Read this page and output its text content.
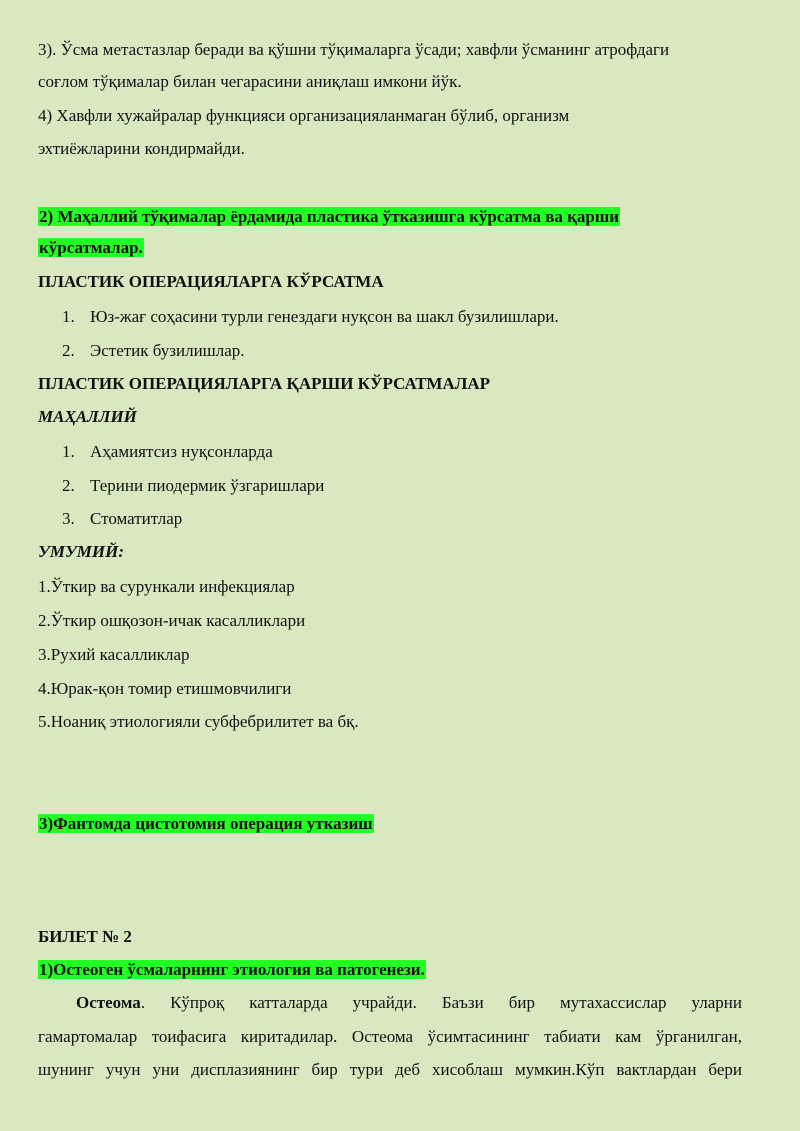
3). Ўсма метастазлар беради ва қўшни тўқималарга ўсади; хавфли ўсманинг атрофдаги
соғлом тўқималар билан чегарасини аниқлаш имкони йўк.
4) Хавфли хужайралар функцияси организацияланмаган бўлиб, организм
эхтиёжларини кондирмайди.
2) Маҳаллий тўқималар ёрдамида пластика ўтказишга кўрсатма ва қарши
кўрсатмалар.
ПЛАСТИК ОПЕРАЦИЯЛАРГА КЎРСАТМА
1. Юз-жағ соҳасини турли генездаги нуқсон ва шакл бузилишлари.
2. Эстетик бузилишлар.
ПЛАСТИК ОПЕРАЦИЯЛАРГА ҚАРШИ КЎРСАТМАЛАР
МАҲАЛЛИЙ
1. Аҳамиятсиз нуқсонларда
2. Терини пиодермик ўзгаришлари
3. Стоматитлар
УМУМИЙ:
1.Ўткир ва сурункали инфекциялар
2.Ўткир ошқозон-ичак касалликлари
3.Рухий касалликлар
4.Юрак-қон томир етишмовчилиги
5.Ноаниқ этиологияли субфебрилитет ва бқ.
3)Фантомда цистотомия операция утказиш
БИЛЕТ № 2
1)Остеоген ўсмаларнинг этиология ва патогенези.
Остеома. Кўпроқ катталарда учрайди. Баъзи бир мутахассислар уларни
гамартомалар тоифасига киритадилар. Остеома ўсимтасининг табиати кам ўрганилган,
шунинг учун уни дисплазиянинг бир тури деб хисоблаш мумкин.Кўп вактлардан бери
